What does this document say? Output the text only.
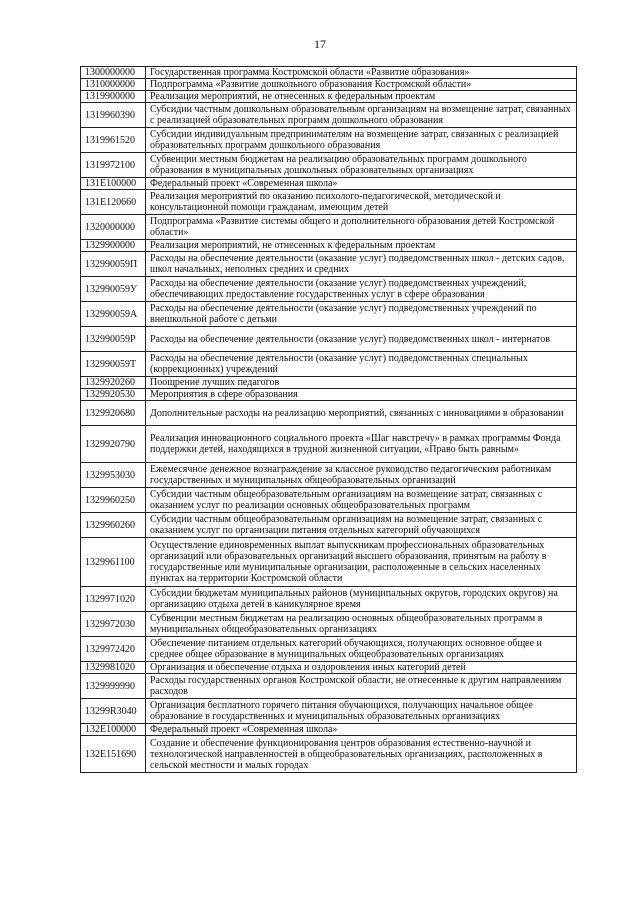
17
1300000000	Государственная программа Костромской области «Развитие образования»
1310000000	Подпрограмма «Развитие дошкольного образования Костромской области»
1319900000	Реализация мероприятий, не отнесенных к федеральным проектам
1319960390	Субсидии частным дошкольным образовательным организациям на возмещение затрат, связанных с реализацией образовательных программ дошкольного образования
1319961520	Субсидии индивидуальным предпринимателям на возмещение затрат, связанных с реализацией образовательных программ дошкольного образования
1319972100	Субвенции местным бюджетам на реализацию образовательных программ дошкольного образования в муниципальных дошкольных образовательных организациях
131E100000	Федеральный проект «Современная школа»
131E120660	Реализация мероприятий по оказанию психолого-педагогической, методической и консультационной помощи гражданам, имеющим детей
1320000000	Подпрограмма «Развитие системы общего и дополнительного образования детей Костромской области»
1329900000	Реализация мероприятий, не отнесенных к федеральным проектам
132990059П	Расходы на обеспечение деятельности (оказание услуг) подведомственных школ - детских садов, школ начальных, неполных средних и средних
132990059У	Расходы на обеспечение деятельности (оказание услуг) подведомственных учреждений, обеспечивающих предоставление государственных услуг в сфере образования
132990059А	Расходы на обеспечение деятельности (оказание услуг) подведомственных учреждений по внешкольной работе с детьми
132990059Р	Расходы на обеспечение деятельности (оказание услуг) подведомственных школ - интернатов
132990059Т	Расходы на обеспечение деятельности (оказание услуг) подведомственных специальных (коррекционных) учреждений
1329920260	Поощрение лучших педагогов
1329920530	Мероприятия в сфере образования
1329920680	Дополнительные расходы на реализацию мероприятий, связанных с инновациями в образовании
1329920790	Реализация инновационного социального проекта «Шаг навстречу» в рамках программы Фонда поддержки детей, находящихся в трудной жизненной ситуации, «Право быть равным»
1329953030	Ежемесячное денежное вознаграждение за классное руководство педагогическим работникам государственных и муниципальных общеобразовательных организаций
1329960250	Субсидии частным общеобразовательным организациям на возмещение затрат, связанных с оказанием услуг по реализации основных общеобразовательных программ
1329960260	Субсидии частным общеобразовательным организациям на возмещение затрат, связанных с оказанием услуг по организации питания отдельных категорий обучающихся
1329961100	Осуществление единовременных выплат выпускникам профессиональных образовательных организаций или образовательных организаций высшего образования, принятым на работу в государственные или муниципальные организации, расположенные в сельских населенных пунктах на территории Костромской области
1329971020	Субсидии бюджетам муниципальных районов (муниципальных округов, городских округов) на организацию отдыха детей в каникулярное время
1329972030	Субвенции местным бюджетам на реализацию основных общеобразовательных программ в муниципальных общеобразовательных организациях
1329972420	Обеспечение питанием отдельных категорий обучающихся, получающих основное общее и среднее общее образование в муниципальных общеобразовательных организациях
1329981020	Организация и обеспечение отдыха и оздоровления иных категорий детей
1329999990	Расходы государственных органов Костромской области, не отнесенные к другим направлениям расходов
13299R3040	Организация бесплатного горячего питания обучающихся, получающих начальное общее образование в государственных и муниципальных образовательных организациях
132E100000	Федеральный проект «Современная школа»
132E151690	Создание и обеспечение функционирования центров образования естественно-научной и технологической направленностей в общеобразовательных организациях, расположенных в сельской местности и малых городах
